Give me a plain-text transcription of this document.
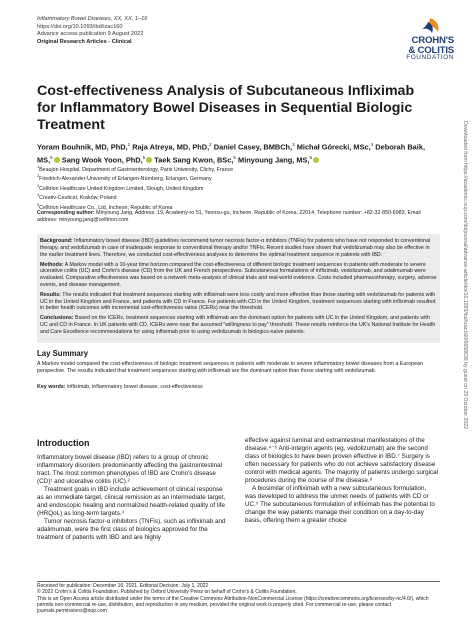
Inflammatory Bowel Diseases, XX, XX, 1–16
https://doi.org/10.1093/ibd/izac160
Advance access publication 9 August 2022
Original Research Articles - Clinical	CROHN'S
& COLITIS
FOUNDATION
Cost-effectiveness Analysis of Subcutaneous Infliximab for Inflammatory Bowel Diseases in Sequential Biologic Treatment
Yoram Bouhnik, MD, PhD,$^1$ Raja Atreya, MD, PhD,$^2$ Daniel Casey, BMBCh,$^3$ Michał Górecki, MSc,$^4$ Deborah Baik, MS,$^5$ Sang Wook Yoon, PhD,$^5$ Taek Sang Kwon, BSc,$^5$ Minyoung Jang, MS,$^5$
$^1$Beaujon Hospital, Department of Gastroenterology, Paris University, Clichy, France
$^2$Friedrich-Alexander-University of Erlangen-Nürnberg, Erlangen, Germany
$^3$Celltrion Healthcare United Kingdom Limited, Slough, United Kingdom
$^4$Creativ-Ceutical, Kraków, Poland
$^5$Celltrion Healthcare Co., Ltd, Incheon, Republic of Korea
Corresponding author: Minyoung Jang, Address: 19, Academy-ro 51, Yeonsu-gu, Incheon, Republic of Korea, 22014, Telephone number: +82-32-850-6983, Email address: minyoung.jang@celltrion.com

Background: Inflammatory bowel disease (IBD) guidelines recommend tumor necrosis factor-α inhibitors (TNFis) for patients who have not responded to conventional therapy, and vedolizumab in case of inadequate response to conventional therapy and/or TNFis. Recent studies have shown that vedolizumab may also be effective in the earlier treatment lines. Therefore, we conducted cost-effectiveness analyses to determine the optimal treatment sequence in patients with IBD.

Methods: A Markov model with a 10-year time horizon compared the cost-effectiveness of different biologic treatment sequences in patients with moderate to severe ulcerative colitis (UC) and Crohn's disease (CD) from the UK and French perspectives. Subcutaneous formulations of infliximab, vedolizumab, and adalimumab were evaluated. Comparative effectiveness was based on a network meta-analysis of clinical trials and real-world evidence. Costs included pharmacotherapy, surgery, adverse events, and disease management.

Results: The results indicated that treatment sequences starting with infliximab were less costly and more effective than those starting with vedolizumab for patients with UC in the United Kingdom and France, and patients with CD in France. For patients with CD in the United Kingdom, treatment sequences starting with infliximab resulted in better health outcomes with incremental cost-effectiveness ratios (ICERs) near the threshold.

Conclusions: Based on the ICERs, treatment sequences starting with infliximab are the dominant option for patients with UC in the United Kingdom, and patients with UC and CD in France. In UK patients with CD, ICERs were near the assumed "willingness to pay" threshold. These results reinforce the UK's National Institute for Health and Care Excellence recommendations for using infliximab prior to using vedolizumab in biologics-naïve patients.

Lay Summary

A Markov model compared the cost-effectiveness of biologic treatment sequences in patients with moderate to severe inflammatory bowel diseases from a European perspective. The results indicated that treatment sequences starting with infliximab are the dominant option than those starting with vedolizumab.

Key words: infliximab, inflammatory bowel disease, cost-effectiveness
Introduction

Inflammatory bowel disease (IBD) refers to a group of chronic inflammatory disorders predominantly affecting the gastrointestinal tract. The most common phenotypes of IBD are Crohn's disease (CD)¹ and ulcerative colitis (UC).²

Treatment goals in IBD include achievement of clinical response as an immediate target, clinical remission as an intermediate target, and endoscopic healing and normalized health-related quality of life (HRQoL) as long-term targets.³

Tumor necrosis factor-α inhibitors (TNFis), such as infliximab and adalimumab, were the first class of biologics approved for the treatment of patients with IBD and are highly

effective against luminal and extraintestinal manifestations of the disease.⁴⁻⁶ Anti-integrin agents (eg, vedolizumab) are the second class of biologics to have been proven effective in IBD.⁷ Surgery is often necessary for patients who do not achieve satisfactory disease control with medical agents. The majority of patients undergo surgical procedures during the course of the disease.⁸

A biosimilar of infliximab with a new subcutaneous formulation, was developed to address the unmet needs of patients with CD or UC.⁹ The subcutaneous formulation of infliximab has the potential to change the way patients manage their condition on a day-to-day basis, offering them a greater choice

Received for publication: December 16, 2021. Editorial Decision: July 1, 2022
© 2022 Crohn's & Colitis Foundation. Published by Oxford University Press on behalf of Crohn's & Colitis Foundation.
This is an Open Access article distributed under the terms of the Creative Commons Attribution-NonCommercial License (https://creativecommons.org/licenses/by-nc/4.0/), which permits non-commercial re-use, distribution, and reproduction in any medium, provided the original work is properly cited. For commercial re-use, please contact journals.permissions@oup.com
Downloaded from https://academic.oup.com/ibdjournal/advance-article/doi/10.1093/ibd/izac160/6658636 by guest on 29 October 2022
